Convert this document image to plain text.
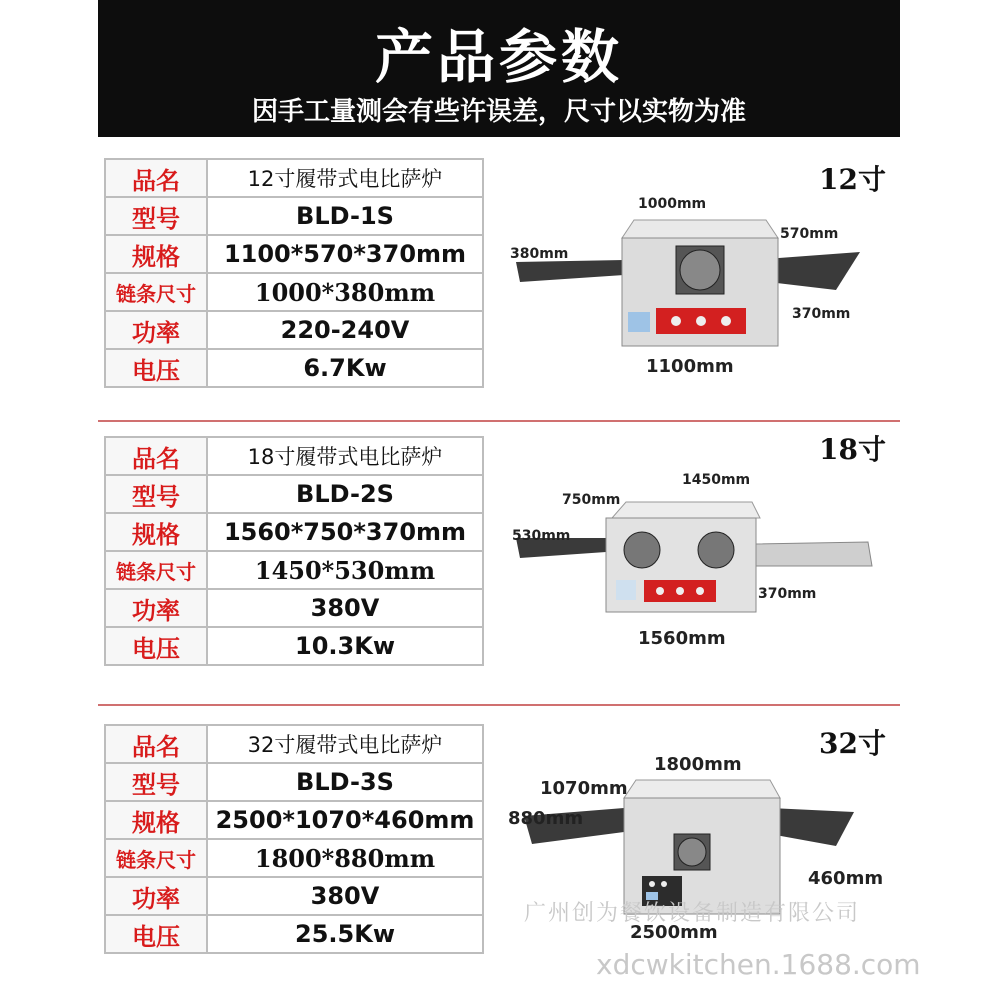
产品参数
因手工量测会有些许误差，尺寸以实物为准
品名	12寸履带式电比萨炉
型号	BLD-1S
规格	1100*570*370mm
链条尺寸	1000*380mm
功率	220-240V
电压	6.7Kw
12寸
1000mm
570mm
380mm
370mm
1100mm
品名	18寸履带式电比萨炉
型号	BLD-2S
规格	1560*750*370mm
链条尺寸	1450*530mm
功率	380V
电压	10.3Kw
18寸
1450mm
750mm
530mm
370mm
1560mm
品名	32寸履带式电比萨炉
型号	BLD-3S
规格	2500*1070*460mm
链条尺寸	1800*880mm
功率	380V
电压	25.5Kw
32寸
1800mm
1070mm
880mm
460mm
2500mm
广州创为餐饮设备制造有限公司
xdcwkitchen.1688.com
